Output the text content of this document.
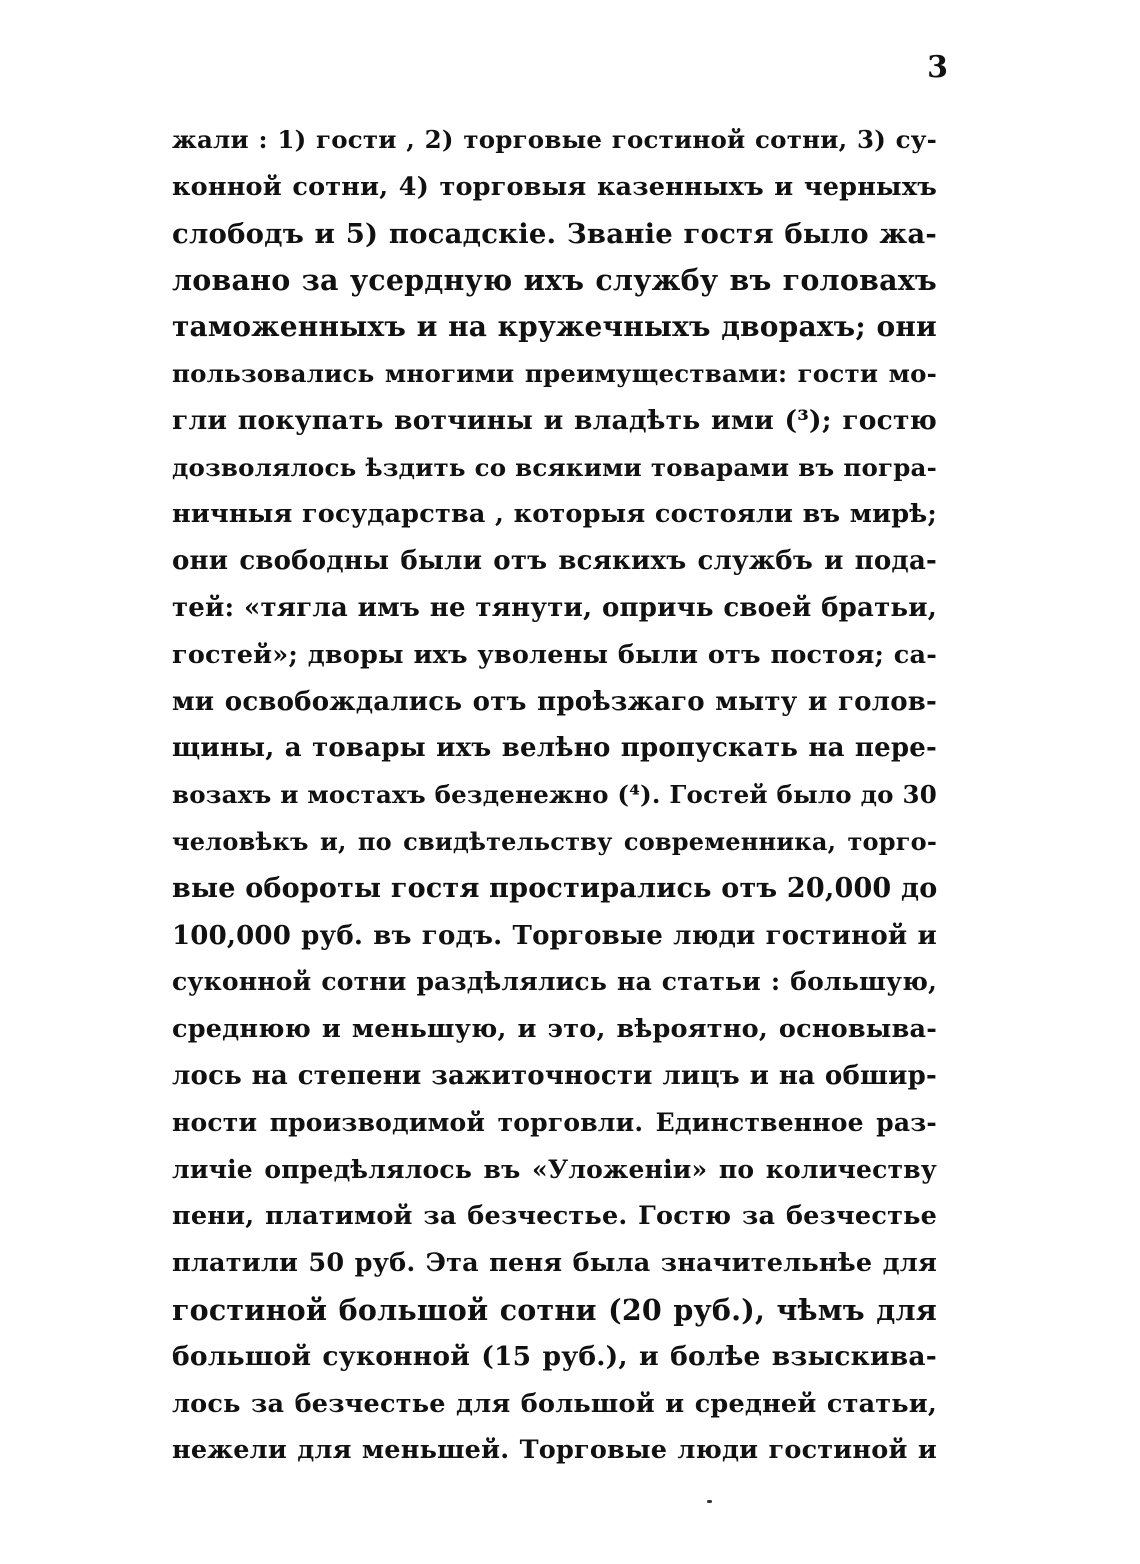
3
жали : 1) гости , 2) торговые гостиной сотни, 3) су-
конной сотни, 4) торговыя казенныхъ и черныхъ
слободъ и 5) посадскіе. Званіе гостя было жа-
ловано за усердную ихъ службу въ головахъ
таможенныхъ и на кружечныхъ дворахъ; они
пользовались многими преимуществами: гости мо-
гли покупать вотчины и владѣть ими (³); гостю
дозволялось ѣздить со всякими товарами въ погра-
ничныя государства , которыя состояли въ мирѣ;
они свободны были отъ всякихъ службъ и пода-
тей: «тягла имъ не тянути, опричь своей братьи,
гостей»; дворы ихъ уволены были отъ постоя; са-
ми освобождались отъ проѣзжаго мыту и голов-
щины, а товары ихъ велѣно пропускать на пере-
возахъ и мостахъ безденежно (⁴). Гостей было до 30
человѣкъ и, по свидѣтельству современника, торго-
вые обороты гостя простирались отъ 20,000 до
100,000 руб. въ годъ. Торговые люди гостиной и
суконной сотни раздѣлялись на статьи : большую,
среднюю и меньшую, и это, вѣроятно, основыва-
лось на степени зажиточности лицъ и на обшир-
ности производимой торговли. Единственное раз-
личіе опредѣлялось въ «Уложеніи» по количеству
пени, платимой за безчестье. Гостю за безчестье
платили 50 руб. Эта пеня была значительнѣе для
гостиной большой сотни (20 руб.), чѣмъ для
большой суконной (15 руб.), и болѣе взыскива-
лось за безчестье для большой и средней статьи,
нежели для меньшей. Торговые люди гостиной и
